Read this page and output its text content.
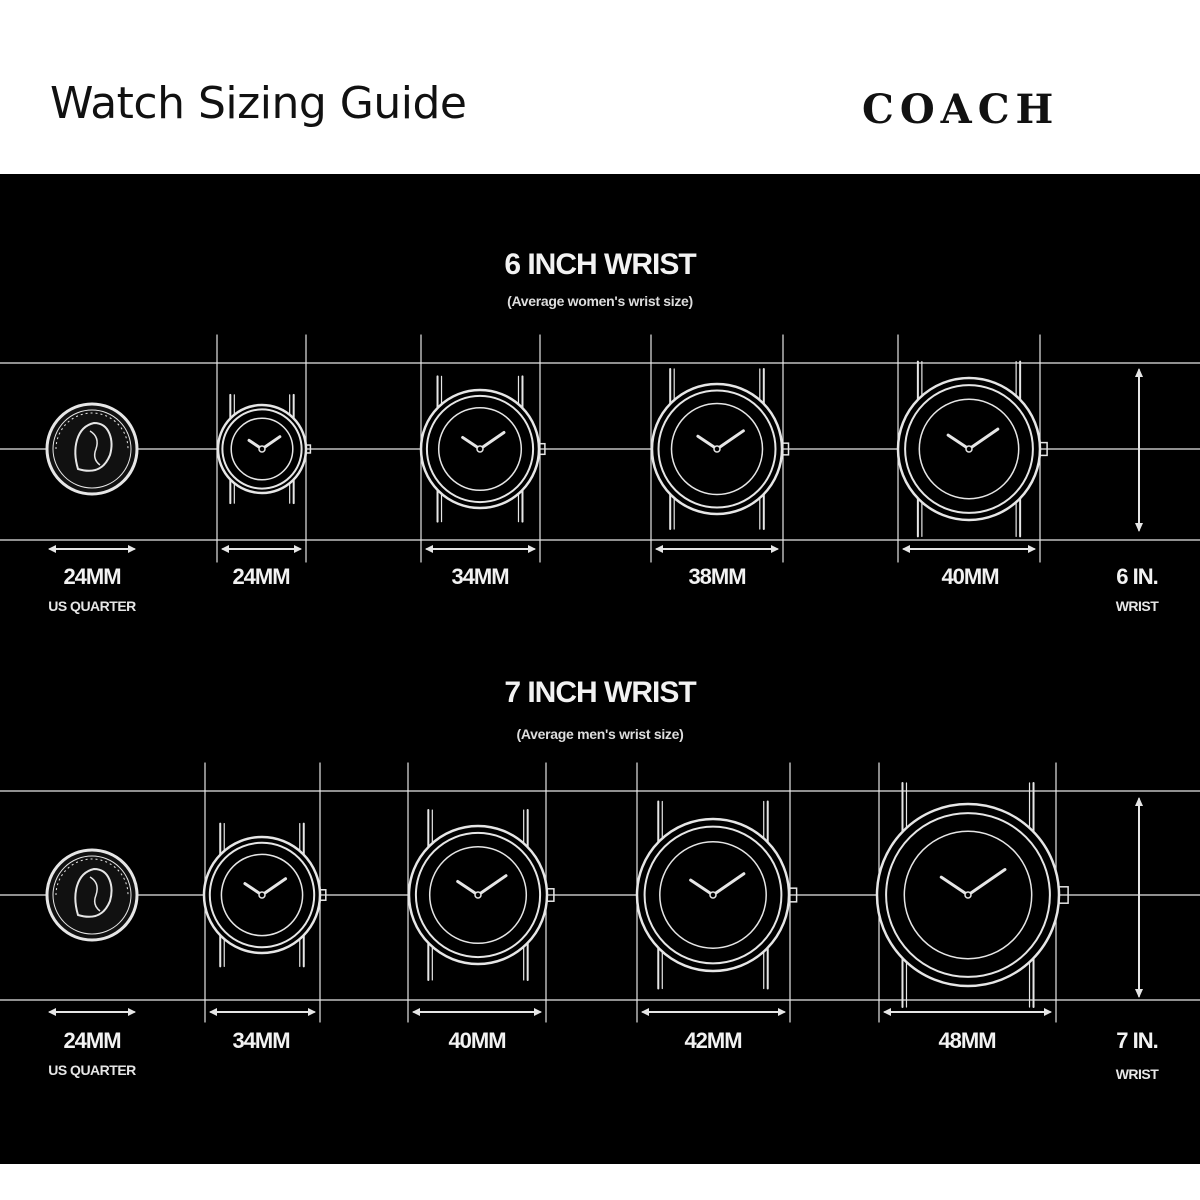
Watch Sizing Guide	COACH
6 INCH WRIST
(Average women's wrist size)
24MM
US QUARTER
24MM	34MM	38MM	40MM	6 IN.
WRIST
7 INCH WRIST
(Average men's wrist size)
24MM
US QUARTER
34MM	40MM	42MM	48MM	7 IN.
WRIST
